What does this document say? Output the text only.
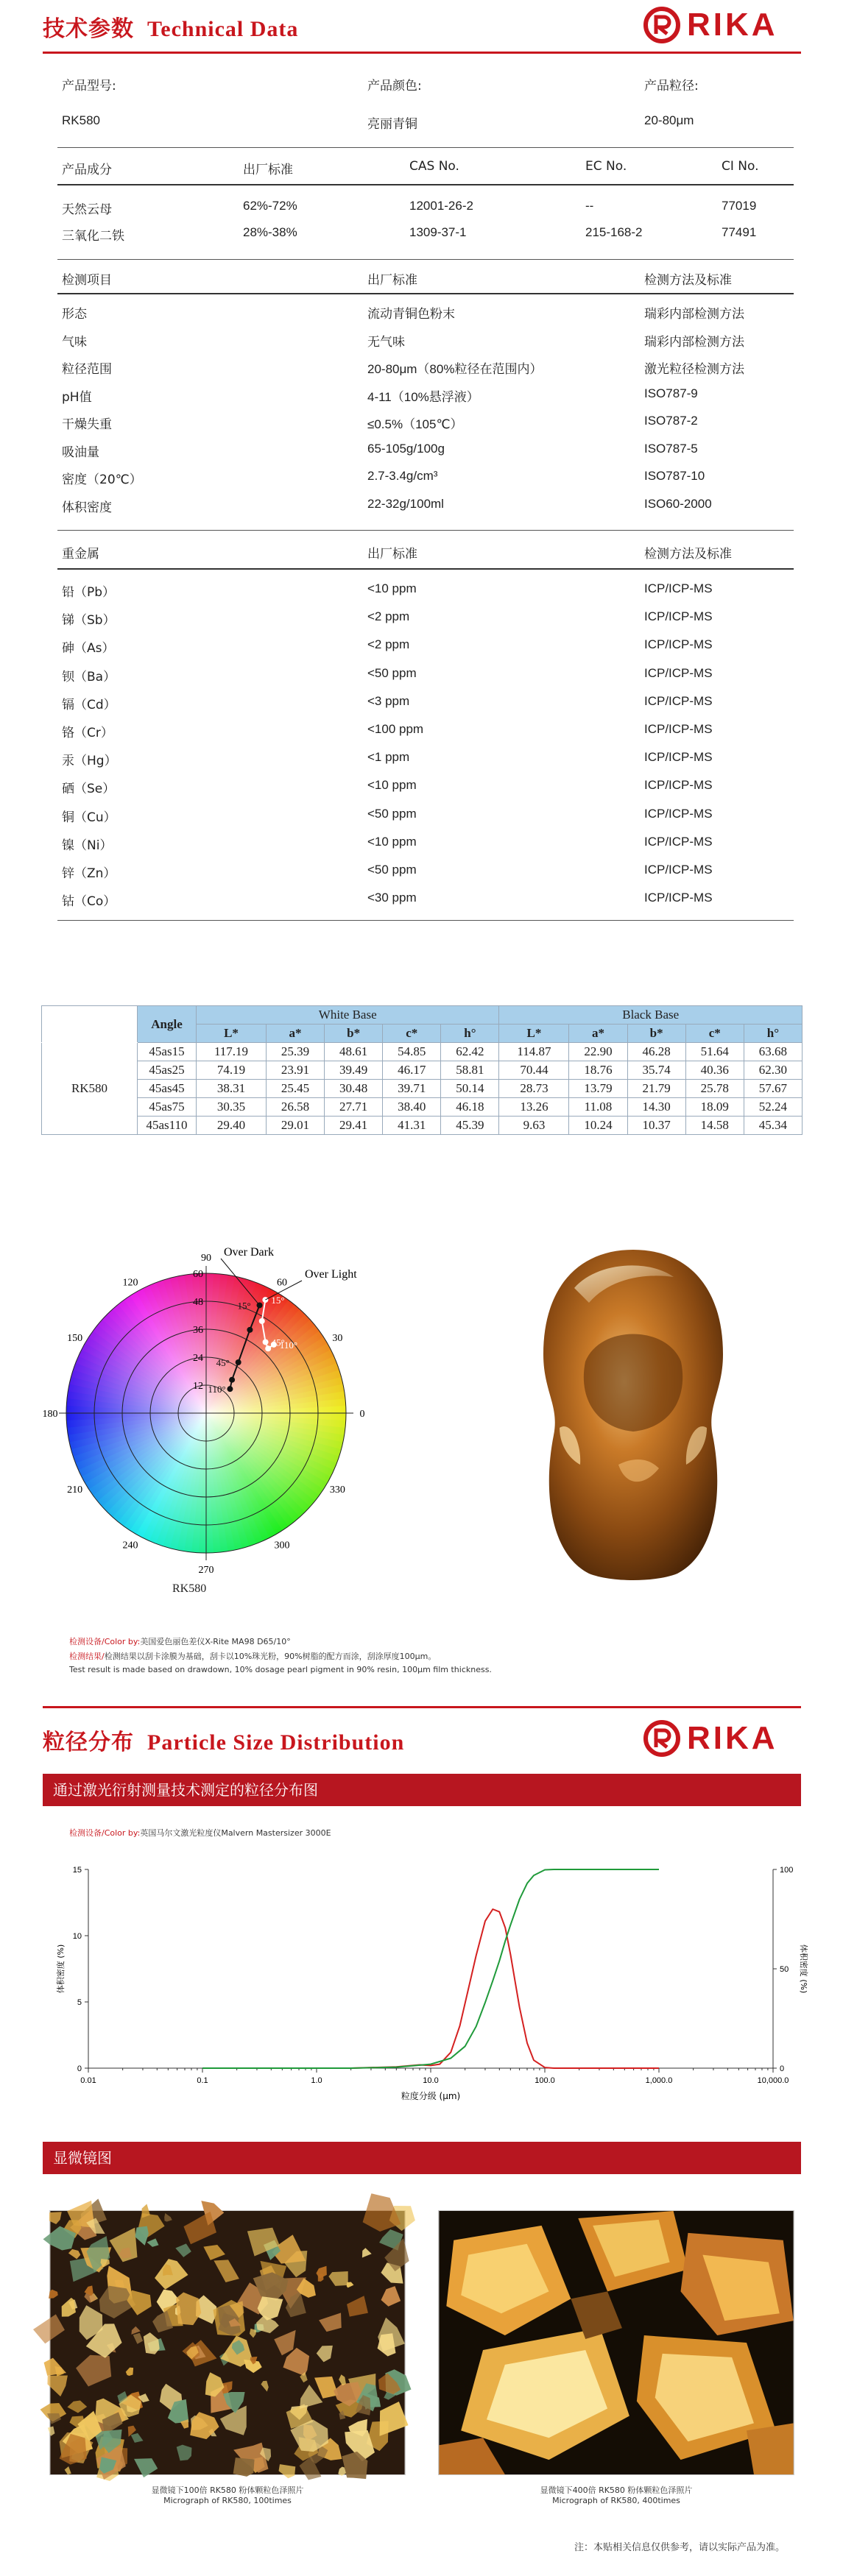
技术参数 Technical Data	RIKA
产品型号:	产品颜色:	产品粒径:
RK580	亮丽青铜	20-80μm
产品成分	出厂标准	CAS No.	EC No.	CI No.
天然云母	62%-72%	12001-26-2	--	77019
三氧化二铁	28%-38%	1309-37-1	215-168-2	77491
检测项目	出厂标准	检测方法及标准
形态	流动青铜色粉末	瑞彩内部检测方法
气味	无气味	瑞彩内部检测方法
粒径范围	20-80μm（80%粒径在范围内）	激光粒径检测方法
pH值	4-11（10%悬浮液）	ISO787-9
干燥失重	≤0.5%（105℃）	ISO787-2
吸油量	65-105g/100g	ISO787-5
密度（20℃）	2.7-3.4g/cm³	ISO787-10
体积密度	22-32g/100ml	ISO60-2000
重金属	出厂标准	检测方法及标准
铅（Pb）	<10 ppm	ICP/ICP-MS
锑（Sb）	<2 ppm	ICP/ICP-MS
砷（As）	<2 ppm	ICP/ICP-MS
钡（Ba）	<50 ppm	ICP/ICP-MS
镉（Cd）	<3 ppm	ICP/ICP-MS
铬（Cr）	<100 ppm	ICP/ICP-MS
汞（Hg）	<1 ppm	ICP/ICP-MS
硒（Se）	<10 ppm	ICP/ICP-MS
铜（Cu）	<50 ppm	ICP/ICP-MS
镍（Ni）	<10 ppm	ICP/ICP-MS
锌（Zn）	<50 ppm	ICP/ICP-MS
钴（Co）	<30 ppm	ICP/ICP-MS
	Angle	White Base					Black Base				
		L*	a*	b*	c*	h°	L*	a*	b*	c*	h°
RK580	45as15	117.19	25.39	48.61	54.85	62.42	114.87	22.90	46.28	51.64	63.68
	45as25	74.19	23.91	39.49	46.17	58.81	70.44	18.76	35.74	40.36	62.30
	45as45	38.31	25.45	30.48	39.71	50.14	28.73	13.79	21.79	25.78	57.67
	45as75	30.35	26.58	27.71	38.40	46.18	13.26	11.08	14.30	18.09	52.24
	45as110	29.40	29.01	29.41	41.31	45.39	9.63	10.24	10.37	14.58	45.34
90
60
30
0
330
300
270
240
210
180
150
120
12
24
36
48
60
15°
45°
110°
15°
45°
110°
Over Dark
Over Light
RK580
检测设备/Color by:美国爱色丽色差仪X-Rite MA98 D65/10°
检测结果/检测结果以刮卡涂膜为基础，刮卡以10%珠光粉，90%树脂的配方而涂，刮涂厚度100μm。
Test result is made based on drawdown, 10% dosage pearl pigment in 90% resin, 100μm film thickness.
粒径分布 Particle Size Distribution	RIKA
通过激光衍射测量技术测定的粒径分布图
检测设备/Color by:英国马尔文激光粒度仪Malvern Mastersizer 3000E
0.01	0.1	1.0	10.0	100.0	1,000.0	10,000.0
0
5
10
15
0
50
100
粒度分级 (μm)
体积密度 (%)	体积密度 (%)
显微镜图
显微镜下100倍 RK580 粉体颗粒色泽照片
Micrograph of RK580, 100times
显微镜下400倍 RK580 粉体颗粒色泽照片
Micrograph of RK580, 400times
注：本贴相关信息仅供参考，请以实际产品为准。
